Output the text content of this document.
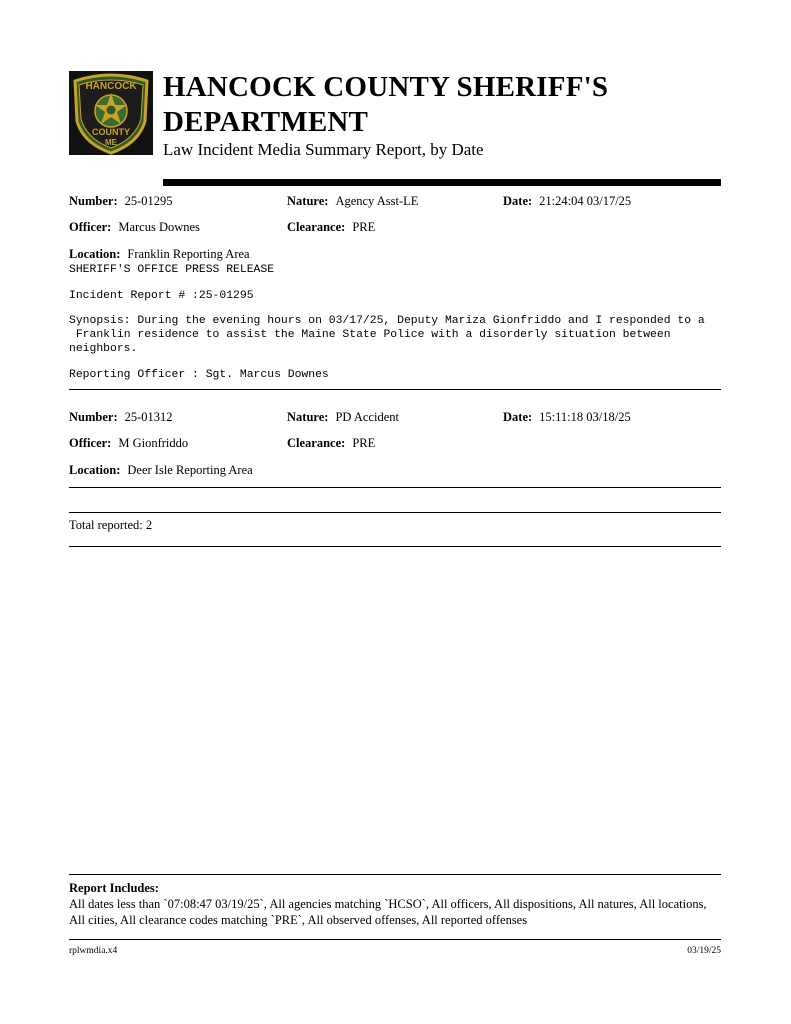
HANCOCK
COUNTY
ME
HANCOCK COUNTY SHERIFF'S DEPARTMENT
Law Incident Media Summary Report, by Date
Number: 25-01295	Nature: Agency Asst-LE	Date: 21:24:04 03/17/25
Officer: Marcus Downes	Clearance: PRE
Location: Franklin Reporting Area
SHERIFF'S OFFICE PRESS RELEASE
Incident Report # :25-01295
Synopsis: During the evening hours on 03/17/25, Deputy Mariza Gionfriddo and I responded to a
Franklin residence to assist the Maine State Police with a disorderly situation between
neighbors.
Reporting Officer : Sgt. Marcus Downes
Number: 25-01312	Nature: PD Accident	Date: 15:11:18 03/18/25
Officer: M Gionfriddo	Clearance: PRE
Location: Deer Isle Reporting Area
Total reported: 2
Report Includes:
All dates less than `07:08:47 03/19/25`, All agencies matching `HCSO`, All officers, All dispositions, All natures, All locations, All cities, All clearance codes matching `PRE`, All observed offenses, All reported offenses
rplwmdia.x4	03/19/25
